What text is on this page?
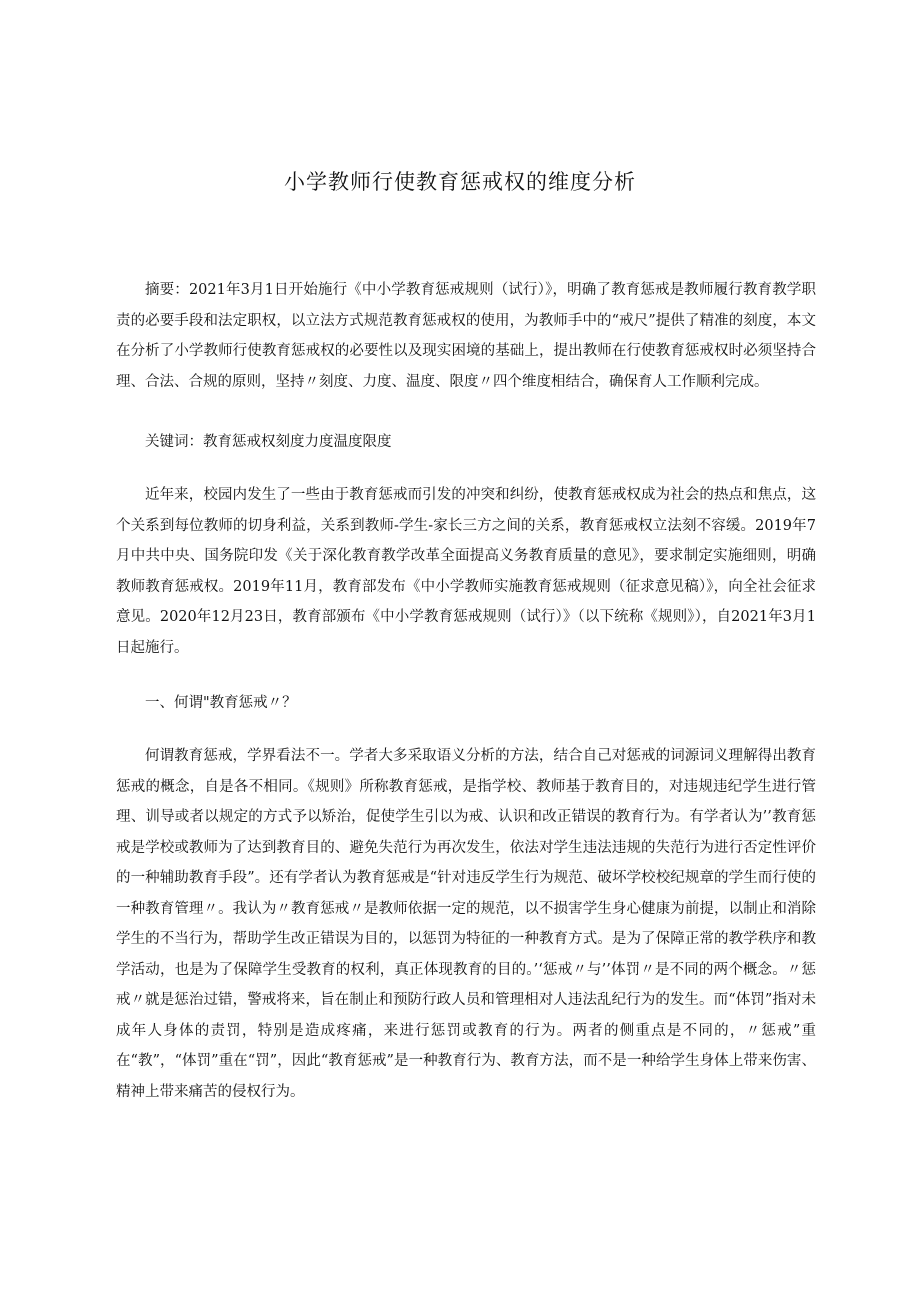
小学教师行使教育惩戒权的维度分析

摘要：2021年3月1日开始施行《中小学教育惩戒规则（试行）》，明确了教育惩戒是教师履行教育教学职责的必要手段和法定职权，以立法方式规范教育惩戒权的使用，为教师手中的“戒尺”提供了精准的刻度，本文在分析了小学教师行使教育惩戒权的必要性以及现实困境的基础上，提出教师在行使教育惩戒权时必须坚持合理、合法、合规的原则，坚持〃刻度、力度、温度、限度〃四个维度相结合，确保育人工作顺利完成。

关键词：教育惩戒权刻度力度温度限度

近年来，校园内发生了一些由于教育惩戒而引发的冲突和纠纷，使教育惩戒权成为社会的热点和焦点，这个关系到每位教师的切身利益，关系到教师-学生-家长三方之间的关系，教育惩戒权立法刻不容缓。2019年7月中共中央、国务院印发《关于深化教育教学改革全面提高义务教育质量的意见》，要求制定实施细则，明确教师教育惩戒权。2019年11月，教育部发布《中小学教师实施教育惩戒规则（征求意见稿）》，向全社会征求意见。2020年12月23日，教育部颁布《中小学教育惩戒规则（试行）》（以下统称《规则》），自2021年3月1日起施行。

一、何谓"教育惩戒〃？

何谓教育惩戒，学界看法不一。学者大多采取语义分析的方法，结合自己对惩戒的词源词义理解得出教育惩戒的概念，自是各不相同。《规则》所称教育惩戒，是指学校、教师基于教育目的，对违规违纪学生进行管理、训导或者以规定的方式予以矫治，促使学生引以为戒、认识和改正错误的教育行为。有学者认为’’教育惩戒是学校或教师为了达到教育目的、避免失范行为再次发生，依法对学生违法违规的失范行为进行否定性评价的一种辅助教育手段”。还有学者认为教育惩戒是“针对违反学生行为规范、破坏学校校纪规章的学生而行使的一种教育管理〃。我认为〃教育惩戒〃是教师依据一定的规范，以不损害学生身心健康为前提，以制止和消除学生的不当行为，帮助学生改正错误为目的，以惩罚为特征的一种教育方式。是为了保障正常的教学秩序和教学活动，也是为了保障学生受教育的权利，真正体现教育的目的。’‘惩戒〃与’’体罚〃是不同的两个概念。〃惩戒〃就是惩治过错，警戒将来，旨在制止和预防行政人员和管理相对人违法乱纪行为的发生。而“体罚”指对未成年人身体的责罚，特别是造成疼痛，来进行惩罚或教育的行为。两者的侧重点是不同的，〃惩戒”重在“教”，“体罚”重在“罚”，因此“教育惩戒”是一种教育行为、教育方法，而不是一种给学生身体上带来伤害、精神上带来痛苦的侵权行为。
